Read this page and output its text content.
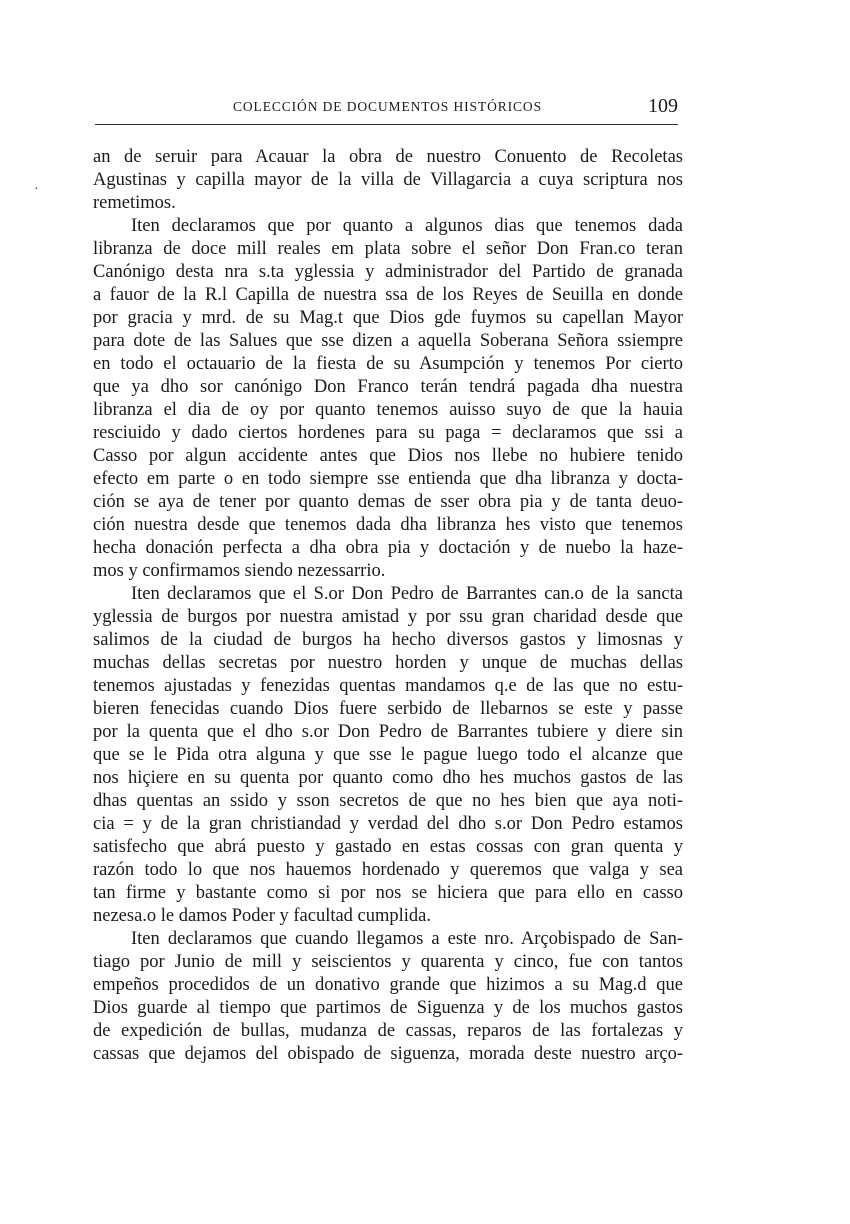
COLECCIÓN DE DOCUMENTOS HISTÓRICOS	109
·
an de seruir para Acauar la obra de nuestro Conuento de Recoletas
Agustinas y capilla mayor de la villa de Villagarcia a cuya scriptura nos
remetimos.
Iten declaramos que por quanto a algunos dias que tenemos dada
libranza de doce mill reales em plata sobre el señor Don Fran.co teran
Canónigo desta nra s.ta yglessia y administrador del Partido de granada
a fauor de la R.l Capilla de nuestra ssa de los Reyes de Seuilla en donde
por gracia y mrd. de su Mag.t que Dios gde fuymos su capellan Mayor
para dote de las Salues que sse dizen a aquella Soberana Señora ssiempre
en todo el octauario de la fiesta de su Asumpción y tenemos Por cierto
que ya dho sor canónigo Don Franco terán tendrá pagada dha nuestra
libranza el dia de oy por quanto tenemos auisso suyo de que la hauia
resciuido y dado ciertos hordenes para su paga = declaramos que ssi a
Casso por algun accidente antes que Dios nos llebe no hubiere tenido
efecto em parte o en todo siempre sse entienda que dha libranza y docta-
ción se aya de tener por quanto demas de sser obra pia y de tanta deuo-
ción nuestra desde que tenemos dada dha libranza hes visto que tenemos
hecha donación perfecta a dha obra pia y doctación y de nuebo la haze-
mos y confirmamos siendo nezessarrio.
Iten declaramos que el S.or Don Pedro de Barrantes can.o de la sancta
yglessia de burgos por nuestra amistad y por ssu gran charidad desde que
salimos de la ciudad de burgos ha hecho diversos gastos y limosnas y
muchas dellas secretas por nuestro horden y unque de muchas dellas
tenemos ajustadas y fenezidas quentas mandamos q.e de las que no estu-
bieren fenecidas cuando Dios fuere serbido de llebarnos se este y passe
por la quenta que el dho s.or Don Pedro de Barrantes tubiere y diere sin
que se le Pida otra alguna y que sse le pague luego todo el alcanze que
nos hiçiere en su quenta por quanto como dho hes muchos gastos de las
dhas quentas an ssido y sson secretos de que no hes bien que aya noti-
cia = y de la gran christiandad y verdad del dho s.or Don Pedro estamos
satisfecho que abrá puesto y gastado en estas cossas con gran quenta y
razón todo lo que nos hauemos hordenado y queremos que valga y sea
tan firme y bastante como si por nos se hiciera que para ello en casso
nezesa.o le damos Poder y facultad cumplida.
Iten declaramos que cuando llegamos a este nro. Arçobispado de San-
tiago por Junio de mill y seiscientos y quarenta y cinco, fue con tantos
empeños procedidos de un donativo grande que hizimos a su Mag.d que
Dios guarde al tiempo que partimos de Siguenza y de los muchos gastos
de expedición de bullas, mudanza de cassas, reparos de las fortalezas y
cassas que dejamos del obispado de siguenza, morada deste nuestro arço-
